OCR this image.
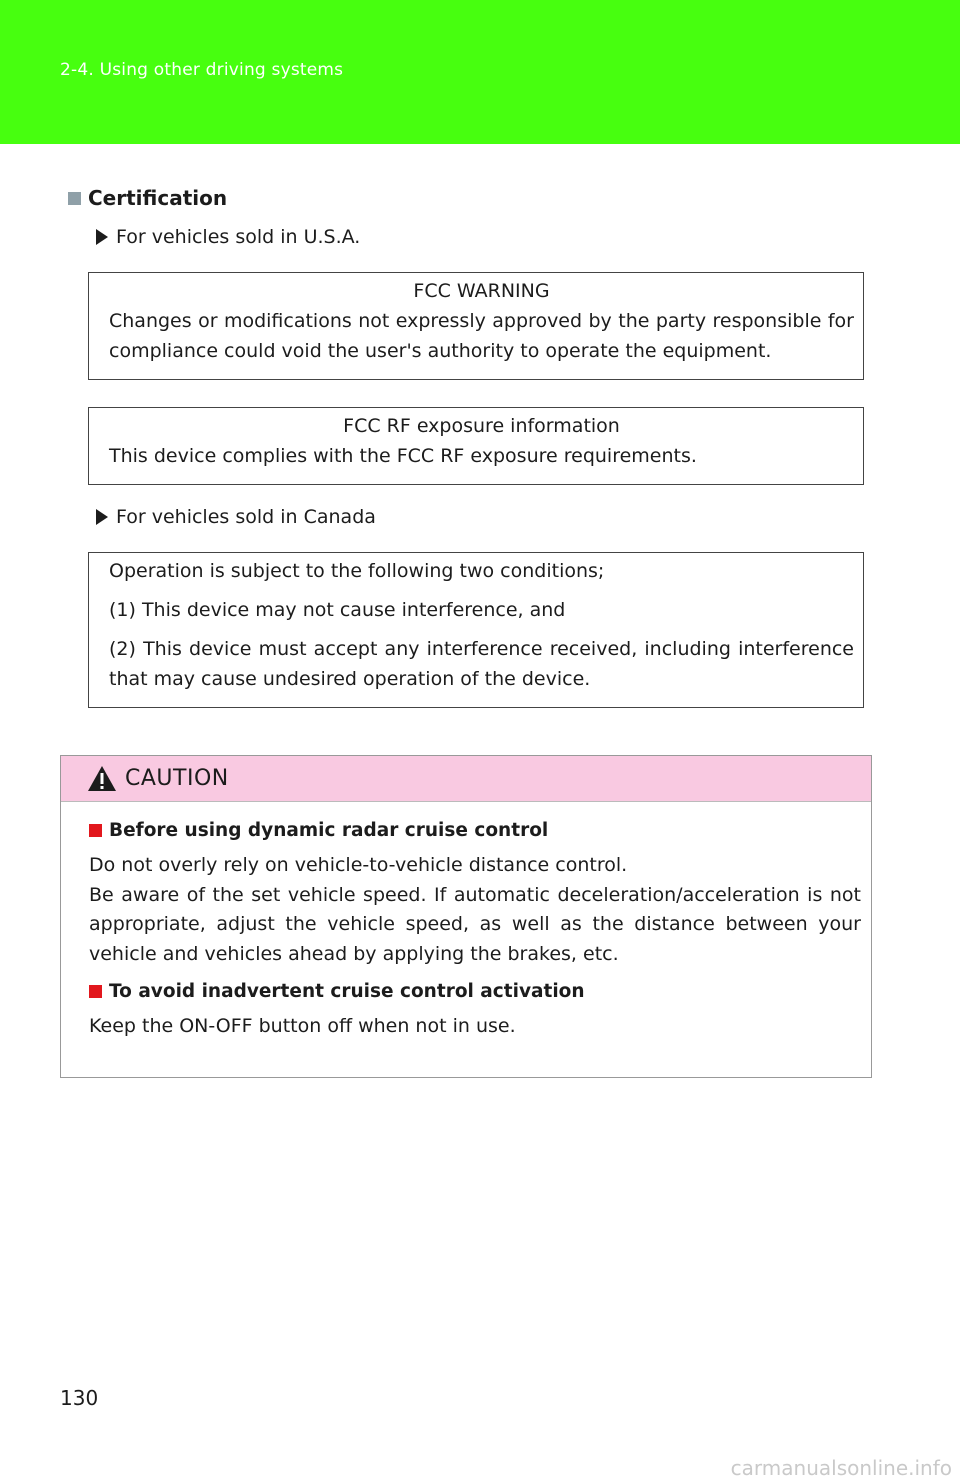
2-4. Using other driving systems
Certification
For vehicles sold in U.S.A.

FCC WARNING

Changes or modifications not expressly approved by the party responsible for compliance could void the user's authority to operate the equipment.

FCC RF exposure information

This device complies with the FCC RF exposure requirements.

For vehicles sold in Canada

Operation is subject to the following two conditions;

(1) This device may not cause interference, and

(2) This device must accept any interference received, including interference that may cause undesired operation of the device.

CAUTION
Before using dynamic radar cruise control

Do not overly rely on vehicle-to-vehicle distance control.

Be aware of the set vehicle speed. If automatic deceleration/acceleration is not appropriate, adjust the vehicle speed, as well as the distance between your vehicle and vehicles ahead by applying the brakes, etc.

To avoid inadvertent cruise control activation

Keep the ON-OFF button off when not in use.

130
carmanualsonline.info
